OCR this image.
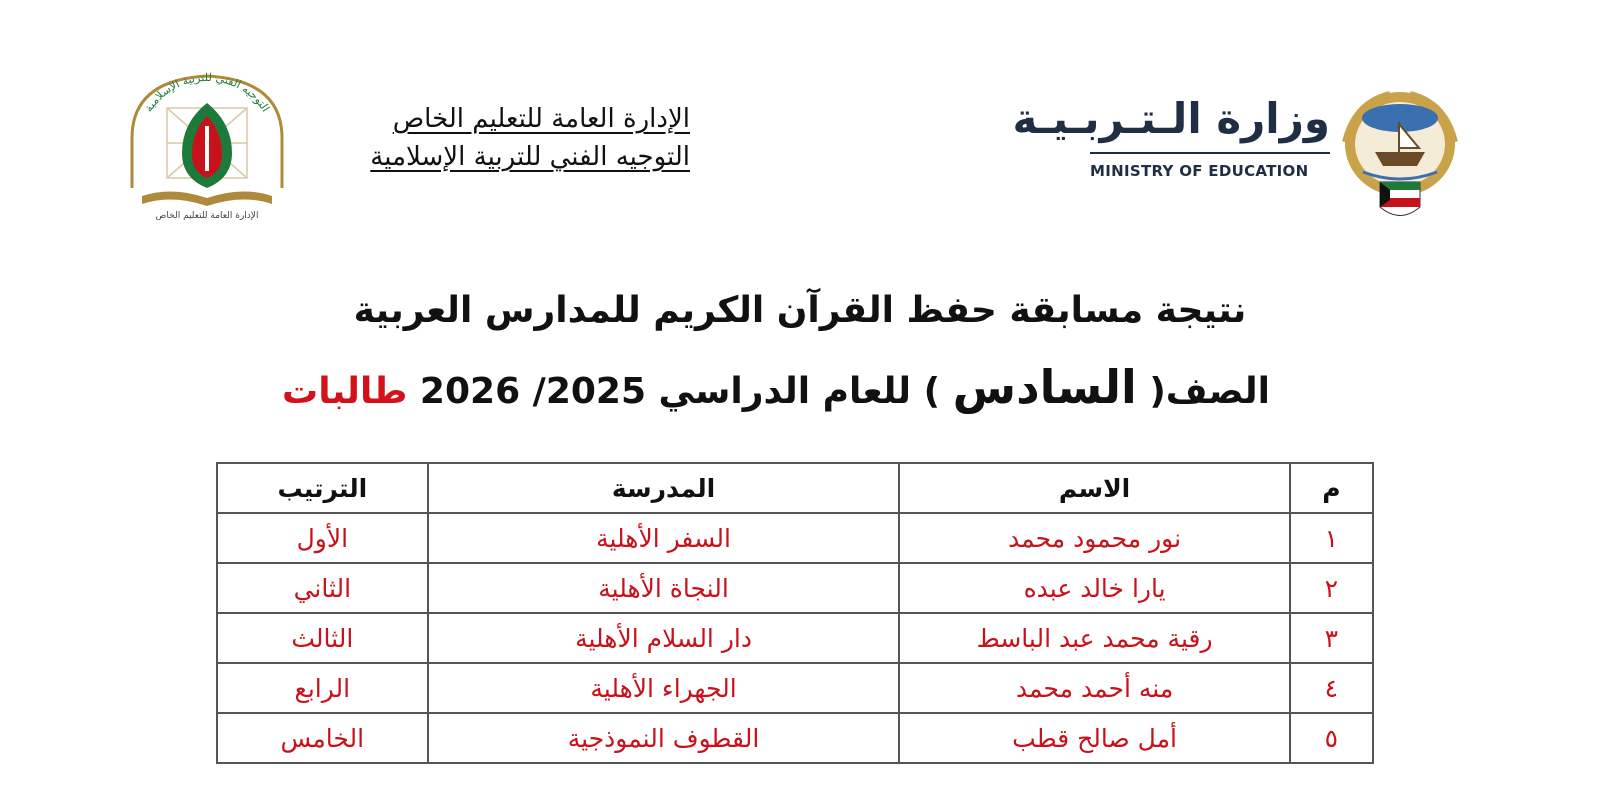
التوجيه الفني للتربية الإسلامية
الإدارة العامة للتعليم الخاص
الإدارة العامة للتعليم الخاص
التوجيه الفني للتربية الإسلامية
وزارة الـتـربـيـة
MINISTRY OF EDUCATION
نتيجة مسابقة حفظ القرآن الكريم للمدارس العربية
الصف( السادس ) للعام الدراسي 2025/ 2026 طالبات
م	الاسم	المدرسة	الترتيب
١	نور محمود محمد	السفر الأهلية	الأول
٢	يارا خالد عبده	النجاة الأهلية	الثاني
٣	رقية محمد عبد الباسط	دار السلام الأهلية	الثالث
٤	منه أحمد محمد	الجهراء الأهلية	الرابع
٥	أمل صالح قطب	القطوف النموذجية	الخامس
